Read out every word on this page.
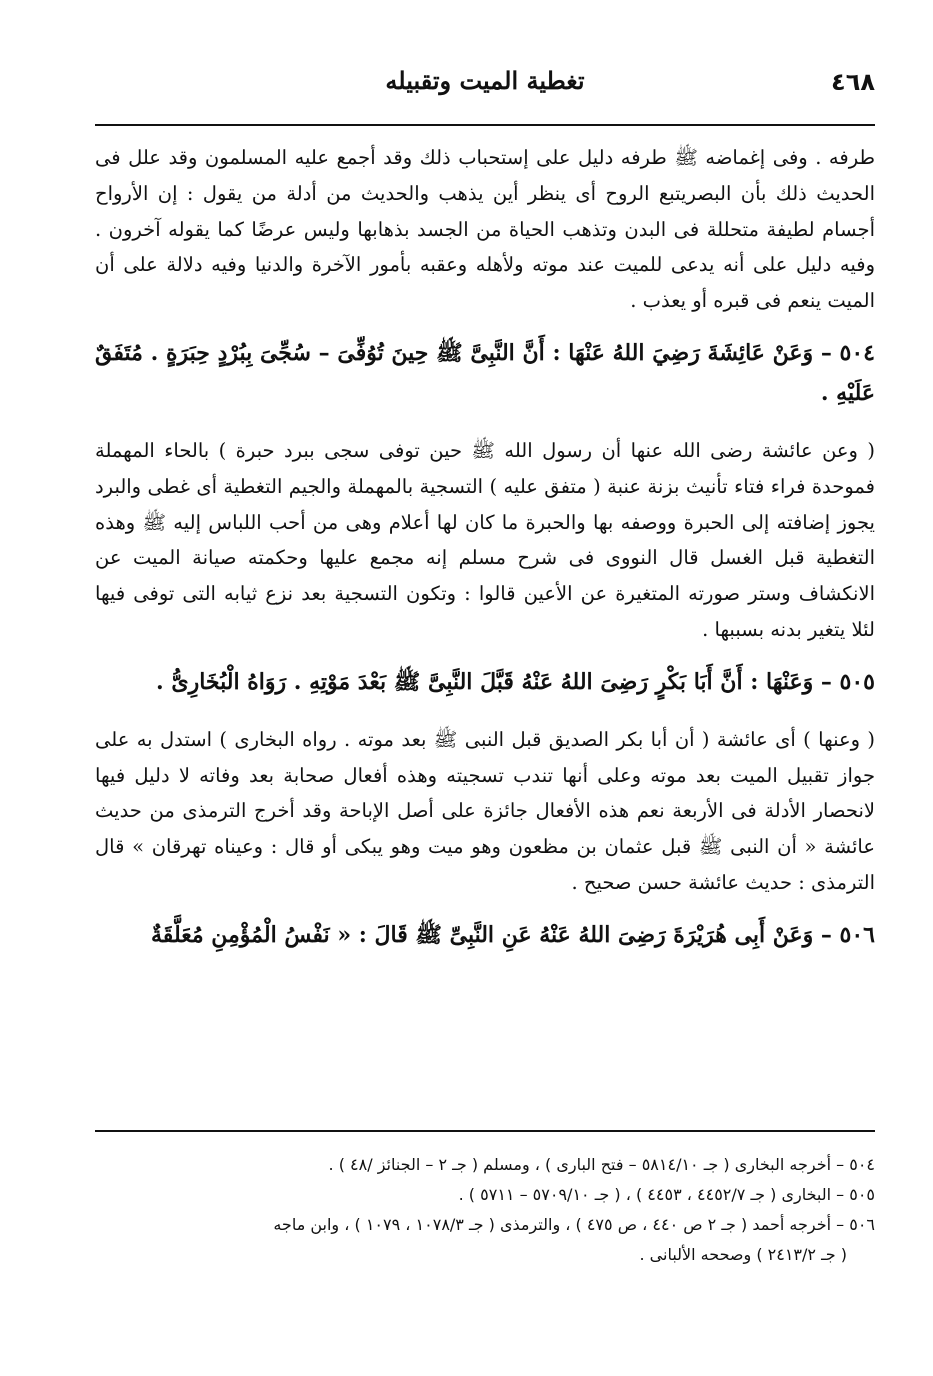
٤٦٨
تغطية الميت وتقبيله

طرفه . وفى إغماضه ﷺ طرفه دليل على إستحباب ذلك وقد أجمع عليه المسلمون وقد علل فى الحديث ذلك بأن البصريتبع الروح أى ينظر أين يذهب والحديث من أدلة من يقول : إن الأرواح أجسام لطيفة متحللة فى البدن وتذهب الحياة من الجسد بذهابها وليس عرضًا كما يقوله آخرون . وفيه دليل على أنه يدعى للميت عند موته ولأهله وعقبه بأمور الآخرة والدنيا وفيه دلالة على أن الميت ينعم فى قبره أو يعذب .

٥٠٤ – وَعَنْ عَائِشَةَ رَضِيَ اللهُ عَنْهَا : أَنَّ النَّبِىَّ ﷺ حِينَ تُوُفِّىَ – سُجِّىَ بِبُرْدٍ حِبَرَةٍ . مُتَفَقٌ عَلَيْهِ .

( وعن عائشة رضى الله عنها أن رسول الله ﷺ حين توفى سجى ببرد حبرة ) بالحاء المهملة فموحدة فراء فتاء تأنيث بزنة عنبة ( متفق عليه ) التسجية بالمهملة والجيم التغطية أى غطى والبرد يجوز إضافته إلى الحبرة ووصفه بها والحبرة ما كان لها أعلام وهى من أحب اللباس إليه ﷺ وهذه التغطية قبل الغسل قال النووى فى شرح مسلم إنه مجمع عليها وحكمته صيانة الميت عن الانكشاف وستر صورته المتغيرة عن الأعين قالوا : وتكون التسجية بعد نزع ثيابه التى توفى فيها لئلا يتغير بدنه بسببها .

٥٠٥ – وَعَنْهَا : أَنَّ أَبَا بَكْرٍ رَضِىَ اللهُ عَنْهُ قَبَّلَ النَّبِىَّ ﷺ بَعْدَ مَوْتِهِ . رَوَاهُ الْبُخَارِىُّ .

( وعنها ) أى عائشة ( أن أبا بكر الصديق قبل النبى ﷺ بعد موته . رواه البخارى ) استدل به على جواز تقبيل الميت بعد موته وعلى أنها تندب تسجيته وهذه أفعال صحابة بعد وفاته لا دليل فيها لانحصار الأدلة فى الأربعة نعم هذه الأفعال جائزة على أصل الإباحة وقد أخرج الترمذى من حديث عائشة « أن النبى ﷺ قبل عثمان بن مظعون وهو ميت وهو يبكى أو قال : وعيناه تهرقان » قال الترمذى : حديث عائشة حسن صحيح .

٥٠٦ – وَعَنْ أَبِى هُرَيْرَةَ رَضِىَ اللهُ عَنْهُ عَنِ النَّبِىِّ ﷺ قَالَ : « نَفْسُ الْمُؤْمِنِ مُعَلَّقَةٌ

٥٠٤ – أخرجه البخارى ( جـ ٥٨١٤/١٠ – فتح البارى ) ، ومسلم ( جـ ٢ – الجنائز /٤٨ ) .

٥٠٥ – البخارى ( جـ ٤٤٥٢/٧ ، ٤٤٥٣ ) ، ( جـ ٥٧٠٩/١٠ – ٥٧١١ ) .

٥٠٦ – أخرجه أحمد ( جـ ٢ ص ٤٤٠ ، ص ٤٧٥ ) ، والترمذى ( جـ ١٠٧٨/٣ ، ١٠٧٩ ) ، وابن ماجه

( جـ ٢٤١٣/٢ ) وصححه الألبانى .
